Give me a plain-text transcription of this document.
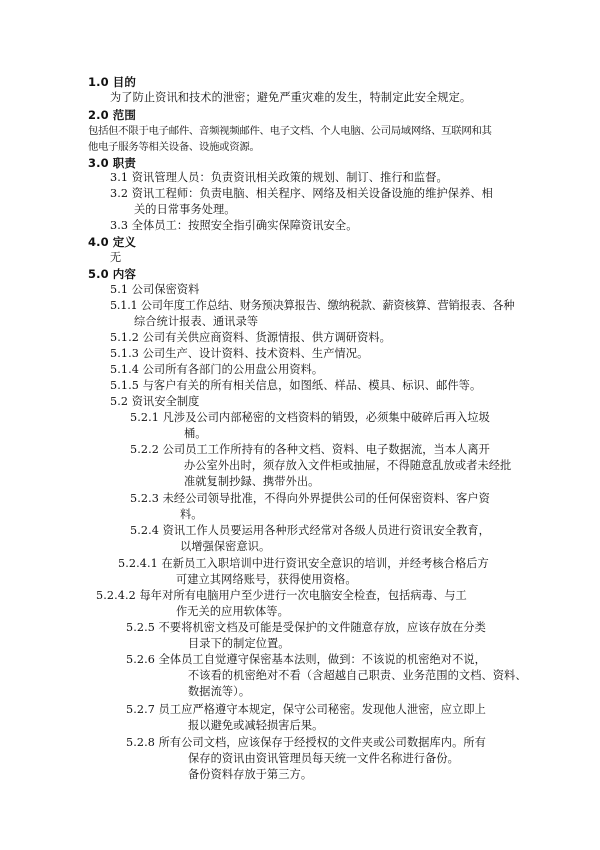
1.0 目的
为了防止资讯和技术的泄密；避免严重灾难的发生，特制定此安全规定。
2.0 范围
包括但不限于电子邮件、音频视频邮件、电子文档、个人电脑、公司局域网络、互联网和其
他电子服务等相关设备、设施或资源。
3.0 职责
3.1 资讯管理人员：负责资讯相关政策的规划、制订、推行和监督。
3.2 资讯工程师：负责电脑、相关程序、网络及相关设备设施的维护保养、相
关的日常事务处理。
3.3 全体员工：按照安全指引确实保障资讯安全。
4.0 定义
无
5.0 内容
5.1 公司保密资料
5.1.1 公司年度工作总结、财务预决算报告、缴纳税款、薪资核算、营销报表、各种
综合统计报表、通讯录等
5.1.2 公司有关供应商资料、货源情报、供方调研资料。
5.1.3 公司生产、设计资料、技术资料、生产情况。
5.1.4 公司所有各部门的公用盘公用资料。
5.1.5 与客户有关的所有相关信息，如图纸、样品、模具、标识、邮件等。
5.2 资讯安全制度
5.2.1 凡涉及公司内部秘密的文档资料的销毁，必须集中破碎后再入垃圾
桶。
5.2.2 公司员工工作所持有的各种文档、资料、电子数据流，当本人离开
办公室外出时，须存放入文件柜或抽屉，不得随意乱放或者未经批
准就复制抄録、携带外出。
5.2.3 未经公司领导批准，不得向外界提供公司的任何保密资料、客户资
料。
5.2.4 资讯工作人员要运用各种形式经常对各级人员进行资讯安全教育，
以增强保密意识。
5.2.4.1 在新员工入职培训中进行资讯安全意识的培训，并经考核合格后方
可建立其网络账号，获得使用资格。
5.2.4.2 每年对所有电脑用户至少进行一次电脑安全检查，包括病毒、与工
作无关的应用软体等。
5.2.5 不要将机密文档及可能是受保护的文件随意存放，应该存放在分类
目录下的制定位置。
5.2.6 全体员工自觉遵守保密基本法则，做到：不该说的机密绝对不说，
不该看的机密绝对不看（含超越自己职责、业务范围的文档、资料、
数据流等）。
5.2.7 员工应严格遵守本规定，保守公司秘密。发现他人泄密，应立即上
报以避免或减轻损害后果。
5.2.8 所有公司文档，应该保存于经授权的文件夹或公司数据库内。所有
保存的资讯由资讯管理员每天统一文件名称进行备份。
备份资料存放于第三方。
